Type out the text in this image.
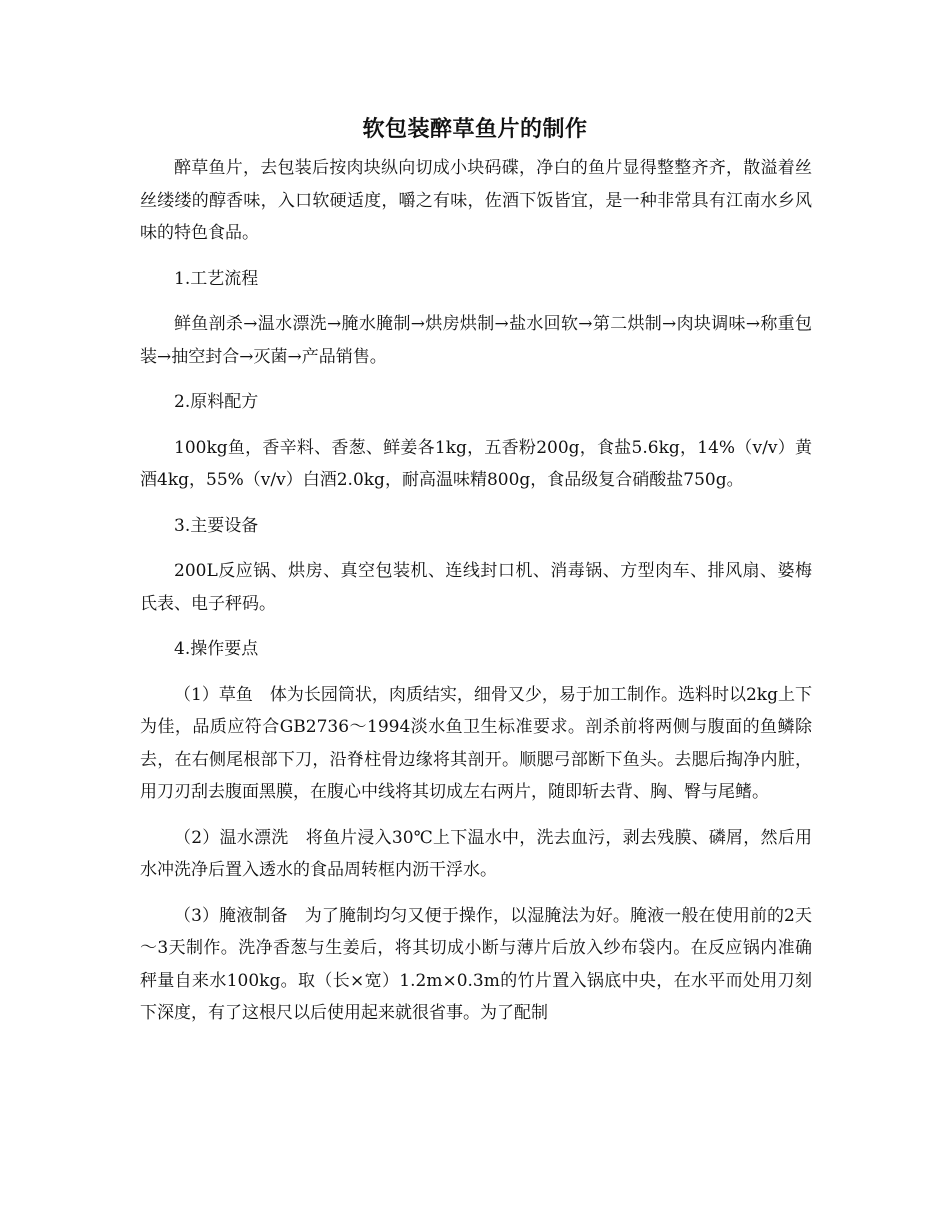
软包装醉草鱼片的制作

醉草鱼片，去包装后按肉块纵向切成小块码碟，净白的鱼片显得整整齐齐，散溢着丝丝缕缕的醇香味，入口软硬适度，嚼之有味，佐酒下饭皆宜，是一种非常具有江南水乡风味的特色食品。

1.工艺流程

鲜鱼剖杀→温水漂洗→腌水腌制→烘房烘制→盐水回软→第二烘制→肉块调味→称重包装→抽空封合→灭菌→产品销售。

2.原料配方

100kg鱼，香辛料、香葱、鲜姜各1kg，五香粉200g，食盐5.6kg，14%（v/v）黄酒4kg，55%（v/v）白酒2.0kg，耐高温味精800g，食品级复合硝酸盐750g。

3.主要设备

200L反应锅、烘房、真空包装机、连线封口机、消毒锅、方型肉车、排风扇、婆梅氏表、电子秤码。

4.操作要点

（1）草鱼　体为长园筒状，肉质结实，细骨又少，易于加工制作。选料时以2kg上下为佳，品质应符合GB2736～1994淡水鱼卫生标准要求。剖杀前将两侧与腹面的鱼鳞除去，在右侧尾根部下刀，沿脊柱骨边缘将其剖开。顺腮弓部断下鱼头。去腮后掏净内脏，用刀刃刮去腹面黑膜，在腹心中线将其切成左右两片，随即斩去背、胸、臀与尾鳍。

（2）温水漂洗　将鱼片浸入30℃上下温水中，洗去血污，剥去残膜、磷屑，然后用水冲洗净后置入透水的食品周转框内沥干浮水。

（3）腌液制备　为了腌制均匀又便于操作，以湿腌法为好。腌液一般在使用前的2天～3天制作。洗净香葱与生姜后，将其切成小断与薄片后放入纱布袋内。在反应锅内准确秤量自来水100kg。取（长×宽）1.2m×0.3m的竹片置入锅底中央，在水平而处用刀刻下深度，有了这根尺以后使用起来就很省事。为了配制
